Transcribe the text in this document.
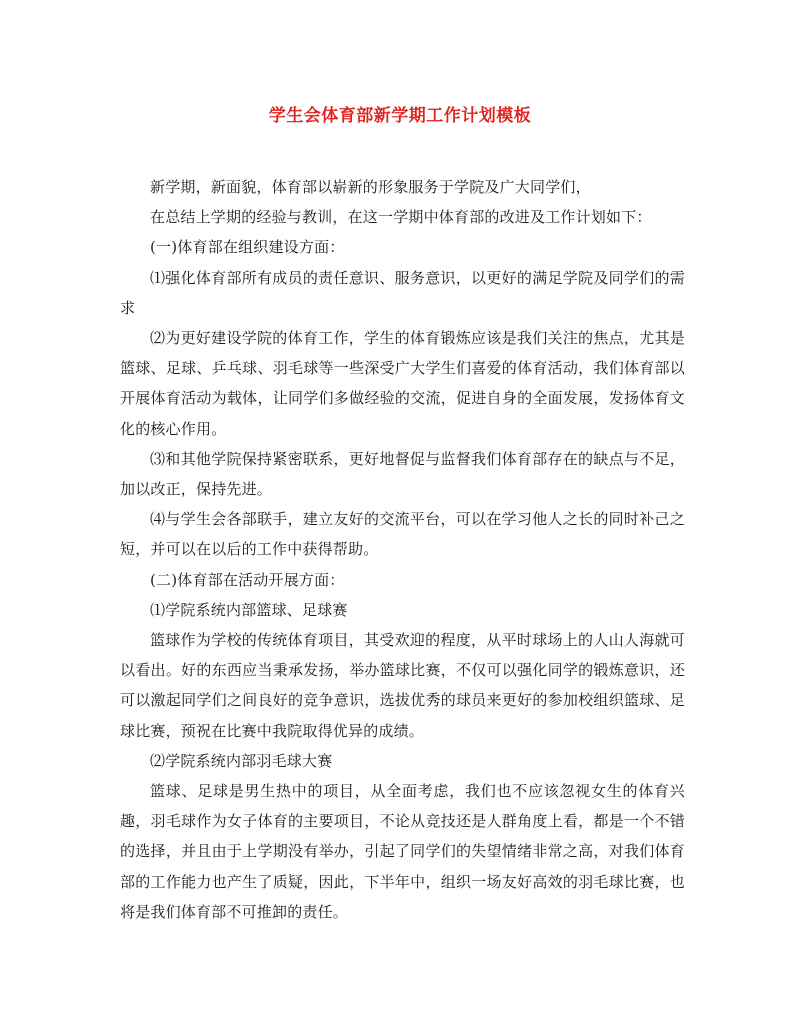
学生会体育部新学期工作计划模板

新学期，新面貌，体育部以崭新的形象服务于学院及广大同学们，

在总结上学期的经验与教训，在这一学期中体育部的改进及工作计划如下：

(一)体育部在组织建设方面：

⑴强化体育部所有成员的责任意识、服务意识，以更好的满足学院及同学们的需求

⑵为更好建设学院的体育工作，学生的体育锻炼应该是我们关注的焦点，尤其是篮球、足球、乒乓球、羽毛球等一些深受广大学生们喜爱的体育活动，我们体育部以开展体育活动为载体，让同学们多做经验的交流，促进自身的全面发展，发扬体育文化的核心作用。

⑶和其他学院保持紧密联系，更好地督促与监督我们体育部存在的缺点与不足，加以改正，保持先进。

⑷与学生会各部联手，建立友好的交流平台，可以在学习他人之长的同时补己之短，并可以在以后的工作中获得帮助。

(二)体育部在活动开展方面：

⑴学院系统内部篮球、足球赛

篮球作为学校的传统体育项目，其受欢迎的程度，从平时球场上的人山人海就可以看出。好的东西应当秉承发扬，举办篮球比赛，不仅可以强化同学的锻炼意识，还可以激起同学们之间良好的竞争意识，选拔优秀的球员来更好的参加校组织篮球、足球比赛，预祝在比赛中我院取得优异的成绩。

⑵学院系统内部羽毛球大赛

篮球、足球是男生热中的项目，从全面考虑，我们也不应该忽视女生的体育兴趣，羽毛球作为女子体育的主要项目，不论从竞技还是人群角度上看，都是一个不错的选择，并且由于上学期没有举办，引起了同学们的失望情绪非常之高，对我们体育部的工作能力也产生了质疑，因此，下半年中，组织一场友好高效的羽毛球比赛，也将是我们体育部不可推卸的责任。
